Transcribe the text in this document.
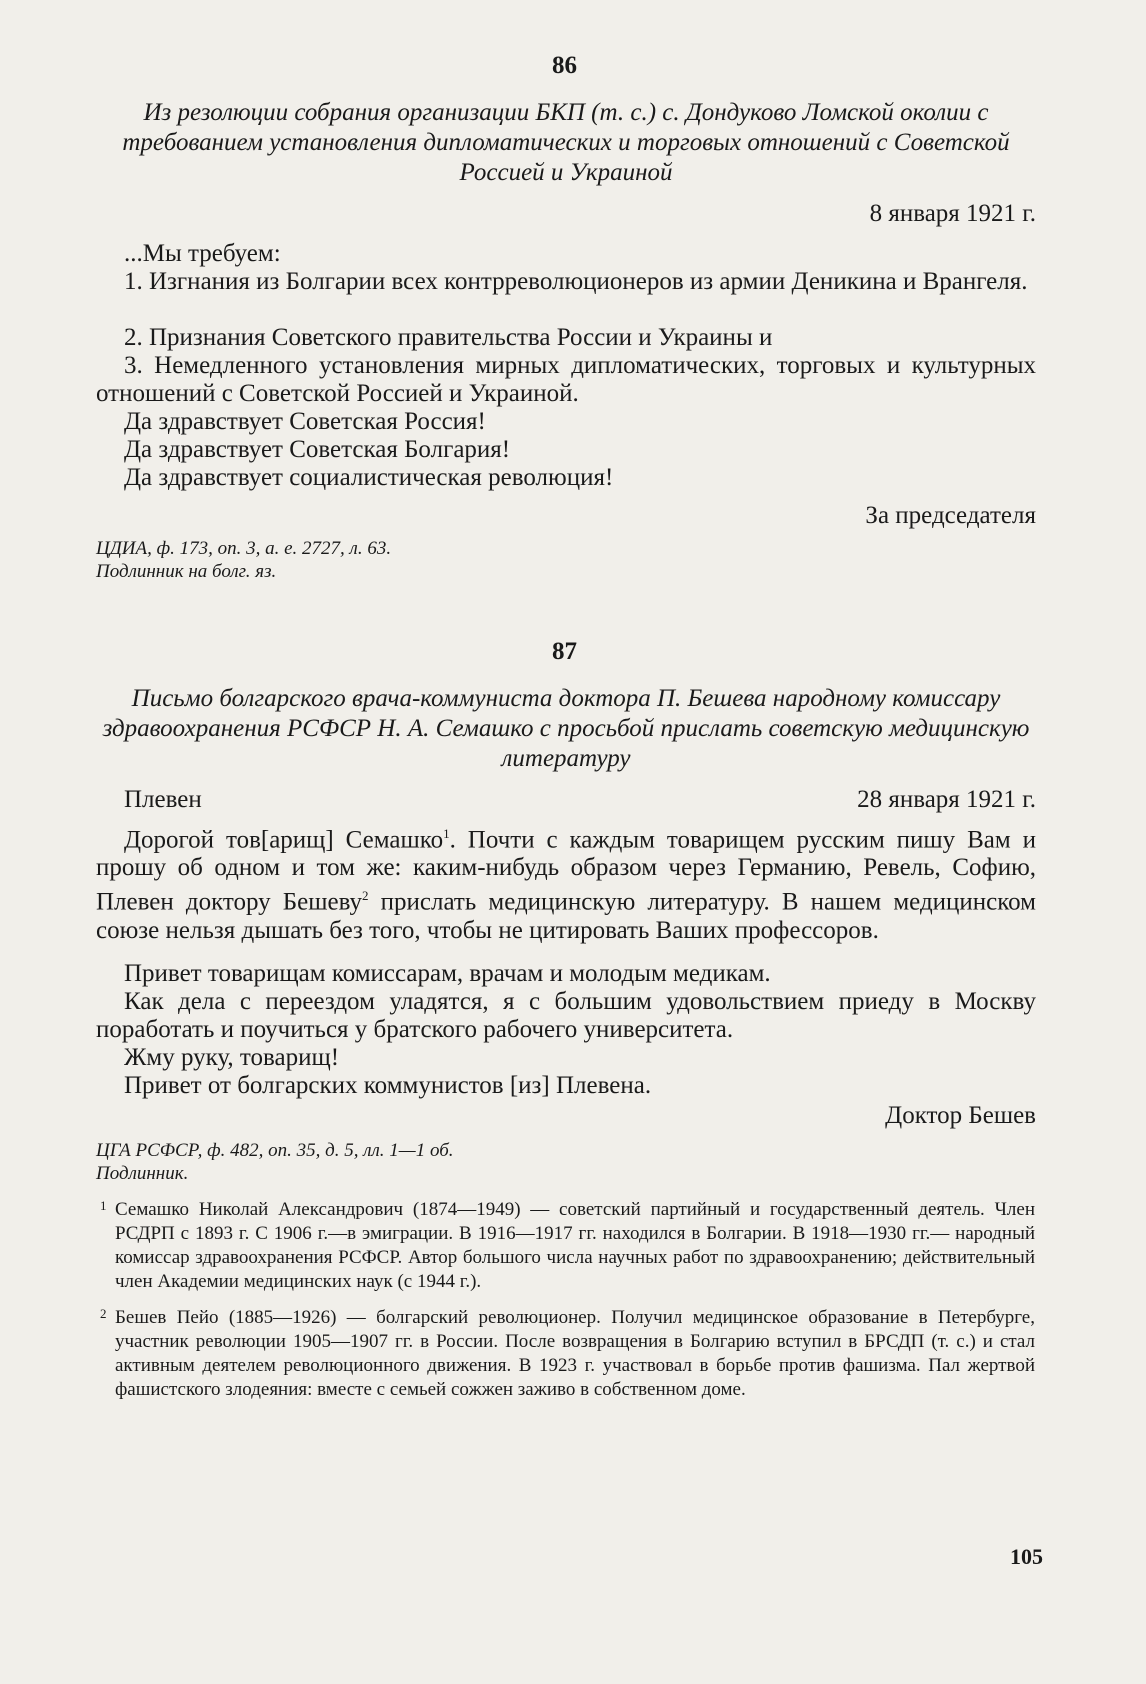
86
Из резолюции собрания организации БКП (т. с.) с. Дондуково Ломской околии с требованием установления дипломатических и торговых отношений с Советской Россией и Украиной
8 января 1921 г.
...Мы требуем:
1. Изгнания из Болгарии всех контрреволюционеров из армии Деникина и Врангеля.
2. Признания Советского правительства России и Украины и
3. Немедленного установления мирных дипломатических, торговых и культурных отношений с Советской Россией и Украиной.
Да здравствует Советская Россия!
Да здравствует Советская Болгария!
Да здравствует социалистическая революция!
За председателя
ЦДИА, ф. 173, оп. 3, а. е. 2727, л. 63.
Подлинник на болг. яз.
87
Письмо болгарского врача-коммуниста доктора П. Бешева народному комиссару здравоохранения РСФСР Н. А. Семашко с просьбой прислать советскую медицинскую литературу
Плевен	28 января 1921 г.
Дорогой тов[арищ] Семашко$^1$. Почти с каждым товарищем русским пишу Вам и прошу об одном и том же: каким-нибудь образом через Германию, Ревель, Софию, Плевен доктору Бешеву$^2$ прислать медицинскую литературу. В нашем медицинском союзе нельзя дышать без того, чтобы не цитировать Ваших профессоров.
Привет товарищам комиссарам, врачам и молодым медикам.
Как дела с переездом уладятся, я с большим удовольствием приеду в Москву поработать и поучиться у братского рабочего университета.
Жму руку, товарищ!
Привет от болгарских коммунистов [из] Плевена.
Доктор Бешев
ЦГА РСФСР, ф. 482, оп. 35, д. 5, лл. 1—1 об.
Подлинник.
1 Семашко Николай Александрович (1874—1949) — советский партийный и государственный деятель. Член РСДРП с 1893 г. С 1906 г.—в эмиграции. В 1916—1917 гг. находился в Болгарии. В 1918—1930 гг.— народный комиссар здравоохранения РСФСР. Автор большого числа научных работ по здравоохранению; действительный член Академии медицинских наук (с 1944 г.).
2 Бешев Пейо (1885—1926) — болгарский революционер. Получил медицинское образование в Петербурге, участник революции 1905—1907 гг. в России. После возвращения в Болгарию вступил в БРСДП (т. с.) и стал активным деятелем революционного движения. В 1923 г. участвовал в борьбе против фашизма. Пал жертвой фашистского злодеяния: вместе с семьей сожжен заживо в собственном доме.
105
